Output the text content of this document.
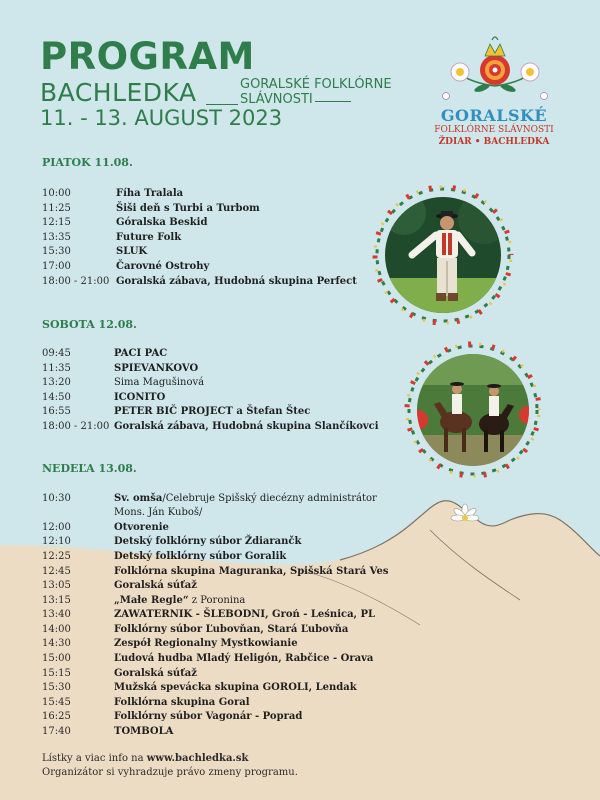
PROGRAM
BACHLEDKA	GORALSKÉ FOLKLÓRNE
SLÁVNOSTI
11. - 13. AUGUST 2023	GORALSKÉ
FOLKLÓRNE SLÁVNOSTI
ŽDIAR • BACHLEDKA
PIATOK 11.08.
10:00	Fíha Tralala
11:25	Šiši deň s Turbi a Turbom
12:15	Góralska Beskid
13:35	Future Folk
15:30	SLUK
17:00	Čarovné Ostrohy
18:00 - 21:00 Goralská zábava, Hudobná skupina Perfect
SOBOTA 12.08.
09:45	PACI PAC
11:35	SPIEVANKOVO
13:20	Sima Magušinová
14:50	ICONITO
16:55	PETER BIČ PROJECT a Štefan Štec
18:00 - 21:00 Goralská zábava, Hudobná skupina Slančíkovci
NEDEĽA 13.08.
10:30	Sv. omša/Celebruje Spišský diecézny administrátor
Mons. Ján Kuboš/
12:00	Otvorenie
12:10	Detský folklórny súbor Ždiarančk
12:25	Detský folklórny súbor Goralik
12:45	Folklórna skupina Maguranka, Spišská Stará Ves
13:05	Goralská súťaž
13:15	„Małe Regle“ z Poronina
13:40	ZAWATERNIK - ŠLEBODNI, Groń - Leśnica, PL
14:00	Folklórny súbor Ľubovňan, Stará Ľubovňa
14:30	Zespół Regionalny Mystkowianie
15:00	Ľudová hudba Mladý Heligón, Rabčice - Orava
15:15	Goralská súťaž
15:30	Mužská spevácka skupina GOROLI, Lendak
15:45	Folklórna skupina Goral
16:25	Folklórny súbor Vagonár - Poprad
17:40	TOMBOLA
Lístky a viac info na www.bachledka.sk
Organizátor si vyhradzuje právo zmeny programu.
